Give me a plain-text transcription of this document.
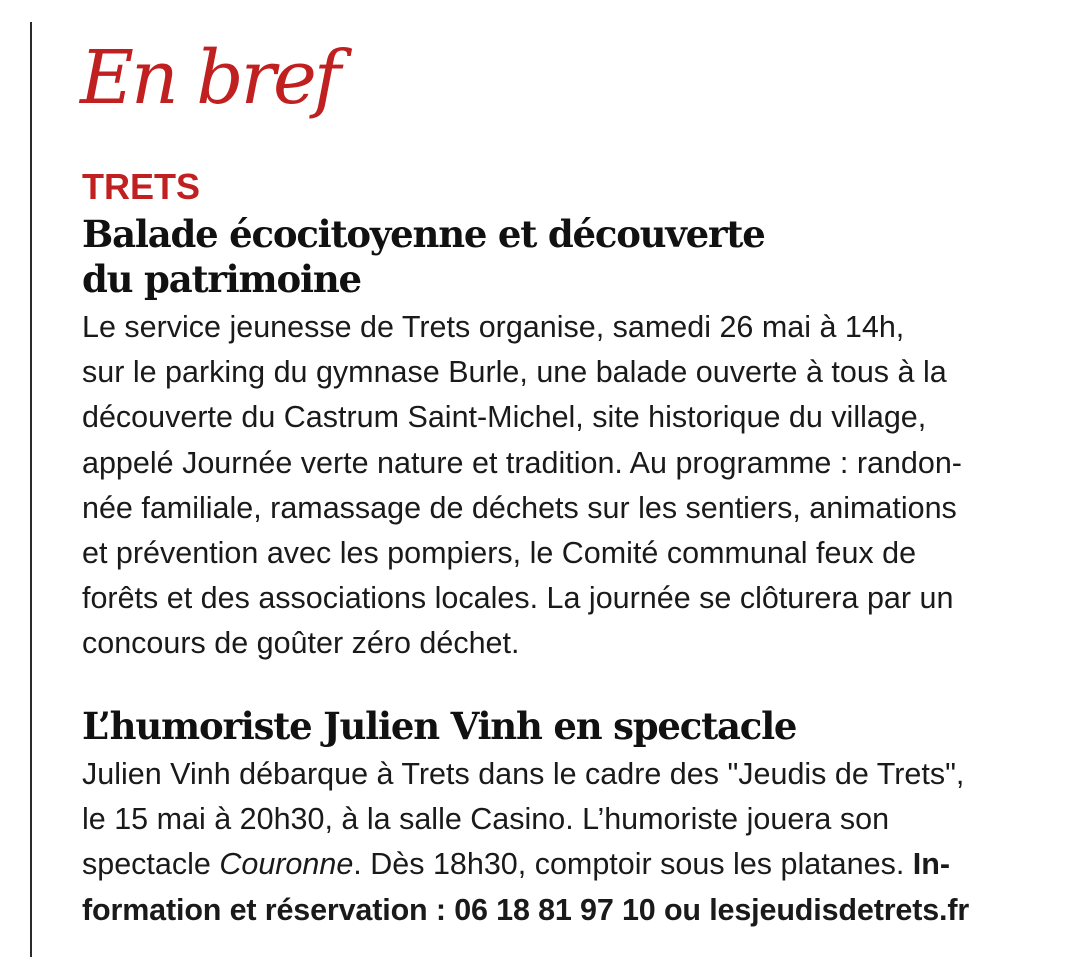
En bref
TRETS
Balade écocitoyenne et découverte
du patrimoine
Le service jeunesse de Trets organise, samedi 26 mai à 14h,
sur le parking du gymnase Burle, une balade ouverte à tous à la
découverte du Castrum Saint-Michel, site historique du village,
appelé Journée verte nature et tradition. Au programme : randon-
née familiale, ramassage de déchets sur les sentiers, animations
et prévention avec les pompiers, le Comité communal feux de
forêts et des associations locales. La journée se clôturera par un
concours de goûter zéro déchet.
L’humoriste Julien Vinh en spectacle
Julien Vinh débarque à Trets dans le cadre des "Jeudis de Trets",
le 15 mai à 20h30, à la salle Casino. L’humoriste jouera son
spectacle Couronne. Dès 18h30, comptoir sous les platanes. In-
formation et réservation : 06 18 81 97 10 ou lesjeudisdetrets.fr
